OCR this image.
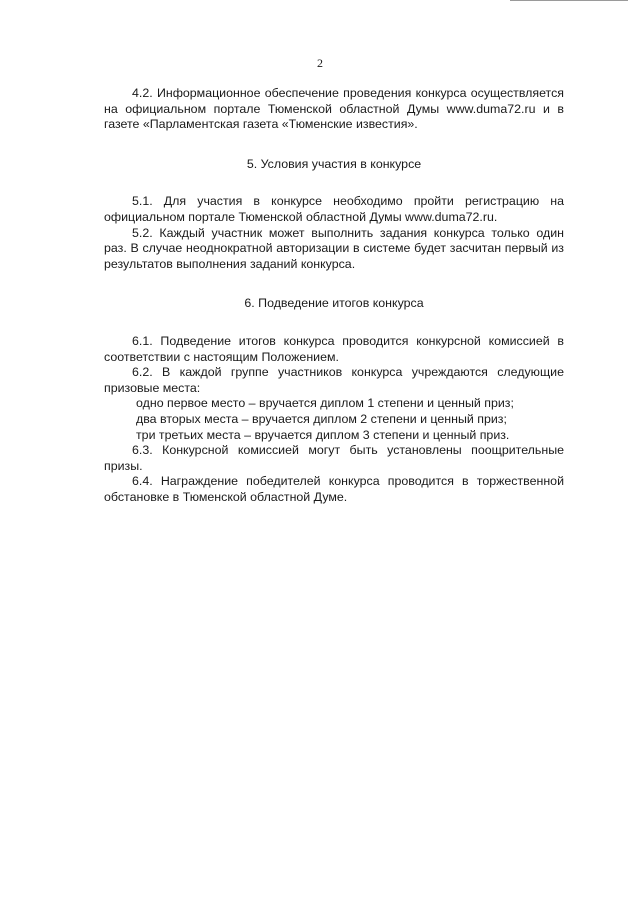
2

4.2. Информационное обеспечение проведения конкурса осуществляется на официальном портале Тюменской областной Думы www.duma72.ru и в газете «Парламентская газета «Тюменские известия».

5. Условия участия в конкурсе

5.1. Для участия в конкурсе необходимо пройти регистрацию на официальном портале Тюменской областной Думы www.duma72.ru.

5.2. Каждый участник может выполнить задания конкурса только один раз. В случае неоднократной авторизации в системе будет засчитан первый из результатов выполнения заданий конкурса.

6. Подведение итогов конкурса

6.1. Подведение итогов конкурса проводится конкурсной комиссией в соответствии с настоящим Положением.

6.2. В каждой группе участников конкурса учреждаются следующие призовые места:

одно первое место – вручается диплом 1 степени и ценный приз;

два вторых места – вручается диплом 2 степени и ценный приз;

три третьих места – вручается диплом 3 степени и ценный приз.

6.3. Конкурсной комиссией могут быть установлены поощрительные призы.

6.4. Награждение победителей конкурса проводится в торжественной обстановке в Тюменской областной Думе.
